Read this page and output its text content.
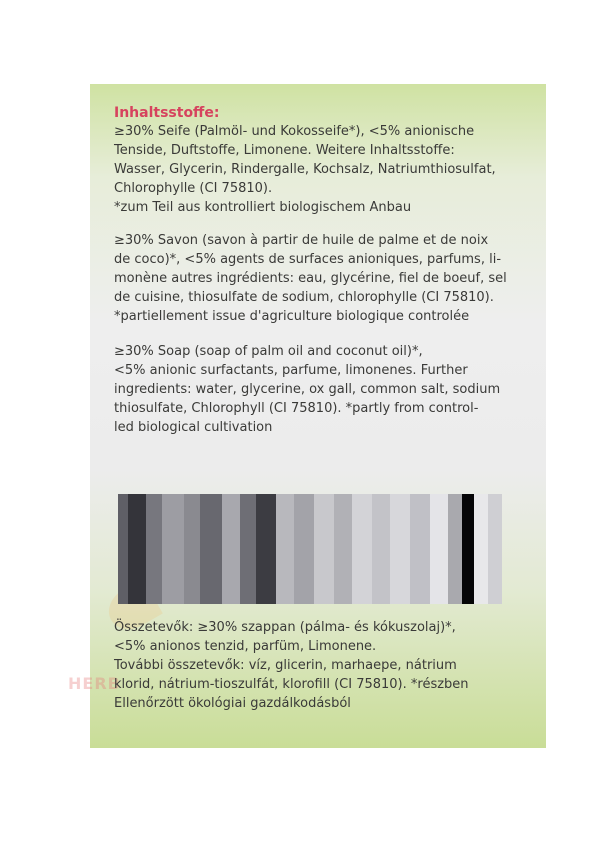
HERB

Inhaltsstoffe:

≥30% Seife (Palmöl- und Kokosseife*), <5% anionische
Tenside, Duftstoffe, Limonene. Weitere Inhaltsstoffe:
Wasser, Glycerin, Rindergalle, Kochsalz, Natriumthiosulfat,
Chlorophylle (CI 75810).
*zum Teil aus kontrolliert biologischem Anbau

≥30% Savon (savon à partir de huile de palme et de noix
de coco)*, <5% agents de surfaces anioniques, parfums, li-
monène autres ingrédients: eau, glycérine, fiel de boeuf, sel
de cuisine, thiosulfate de sodium, chlorophylle (CI 75810).
*partiellement issue d'agriculture biologique controlée

≥30% Soap (soap of palm oil and coconut oil)*,
<5% anionic surfactants, parfume, limonenes. Further
ingredients: water, glycerine, ox gall, common salt, sodium
thiosulfate, Chlorophyll (CI 75810). *partly from control-
led biological cultivation

Összetevők: ≥30% szappan (pálma- és kókuszolaj)*,
<5% anionos tenzid, parfüm, Limonene.
További összetevők: víz, glicerin, marhaepe, nátrium
klorid, nátrium-tioszulfát, klorofill (CI 75810). *részben
Ellenőrzött ökológiai gazdálkodásból
